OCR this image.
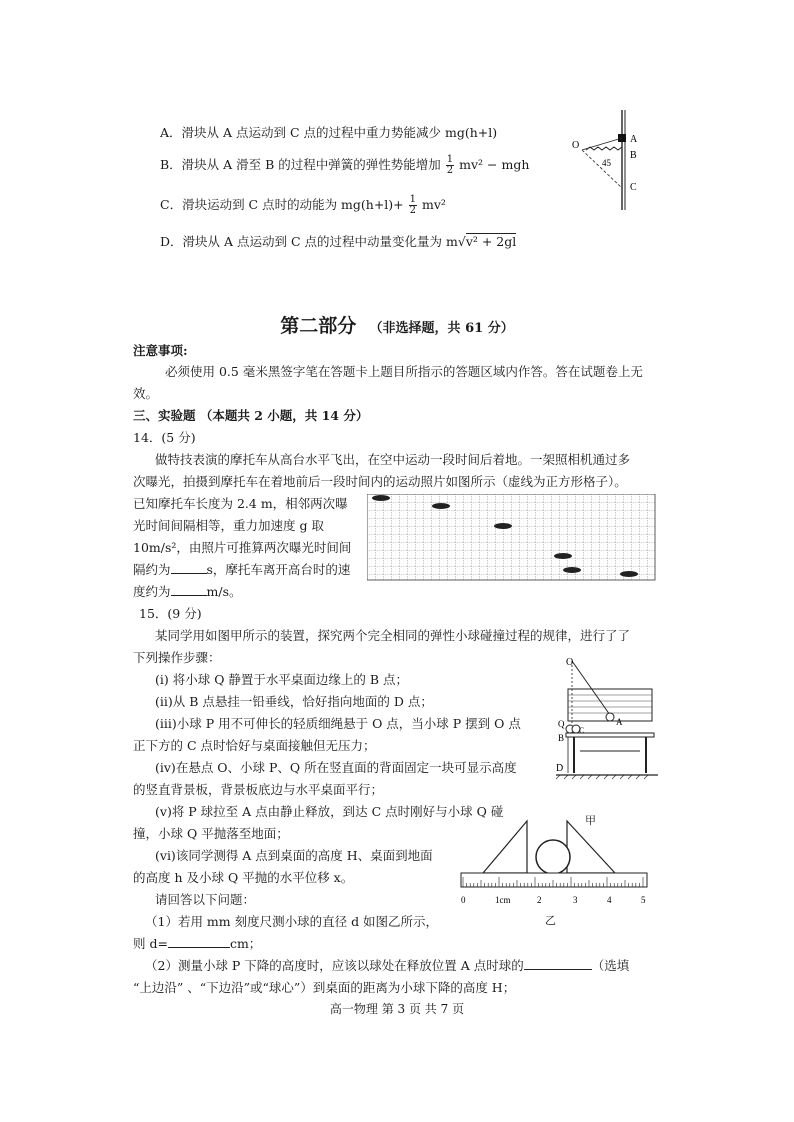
A．滑块从 A 点运动到 C 点的过程中重力势能减少 mg(h+l)
B．滑块从 A 滑至 B 的过程中弹簧的弹性势能增加 $\frac{1}{2} mv^2$ − mgh
C．滑块运动到 C 点时的动能为 $mg(h+l)+ \frac{1}{2} mv^2$
D．滑块从 A 点运动到 C 点的过程中动量变化量为 m√v² + 2gl
O
A
B
C
45
第二部分 （非选择题，共 61 分）
注意事项:
必须使用 0.5 毫米黑签字笔在答题卡上题目所指示的答题区域内作答。答在试题卷上无
效。
三、实验题 （本题共 2 小题，共 14 分）
14．(5 分)
做特技表演的摩托车从高台水平飞出，在空中运动一段时间后着地。一架照相机通过多
次曝光，拍摄到摩托车在着地前后一段时间内的运动照片如图所示（虚线为正方形格子）。
已知摩托车长度为 2.4 m，相邻两次曝
光时间间隔相等，重力加速度 g 取
10m/s²，由照片可推算两次曝光时间间
隔约为	s，摩托车离开高台时的速
度约为	m/s。
15．(9 分)
某同学用如图甲所示的装置，探究两个完全相同的弹性小球碰撞过程的规律，进行了了
下列操作步骤：
(i) 将小球 Q 静置于水平桌面边缘上的 B 点；
(ii)从 B 点悬挂一铅垂线，恰好指向地面的 D 点；
(iii)小球 P 用不可伸长的轻质细绳悬于 O 点，当小球 P 摆到 O 点
正下方的 C 点时恰好与桌面接触但无压力；
(iv)在悬点 O、小球 P、Q 所在竖直面的背面固定一块可显示高度
的竖直背景板，背景板底边与水平桌面平行；
(v)将 P 球拉至 A 点由静止释放，到达 C 点时刚好与小球 Q 碰
撞，小球 Q 平抛落至地面；
(vi)该同学测得 A 点到桌面的高度 H、桌面到地面
的高度 h 及小球 Q 平抛的水平位移 x。
请回答以下问题：
（1）若用 mm 刻度尺测小球的直径 d 如图乙所示，
则 d=	cm；
（2）测量小球 P 下降的高度时，应该以球处在释放位置 A 点时球的	（选填
“上边沿” 、“下边沿”或“球心”）到桌面的距离为小球下降的高度 H；
O
Q
B
C
A
D
甲
0	1cm	2	3	4	5
乙
高一物理 第 3 页 共 7 页
